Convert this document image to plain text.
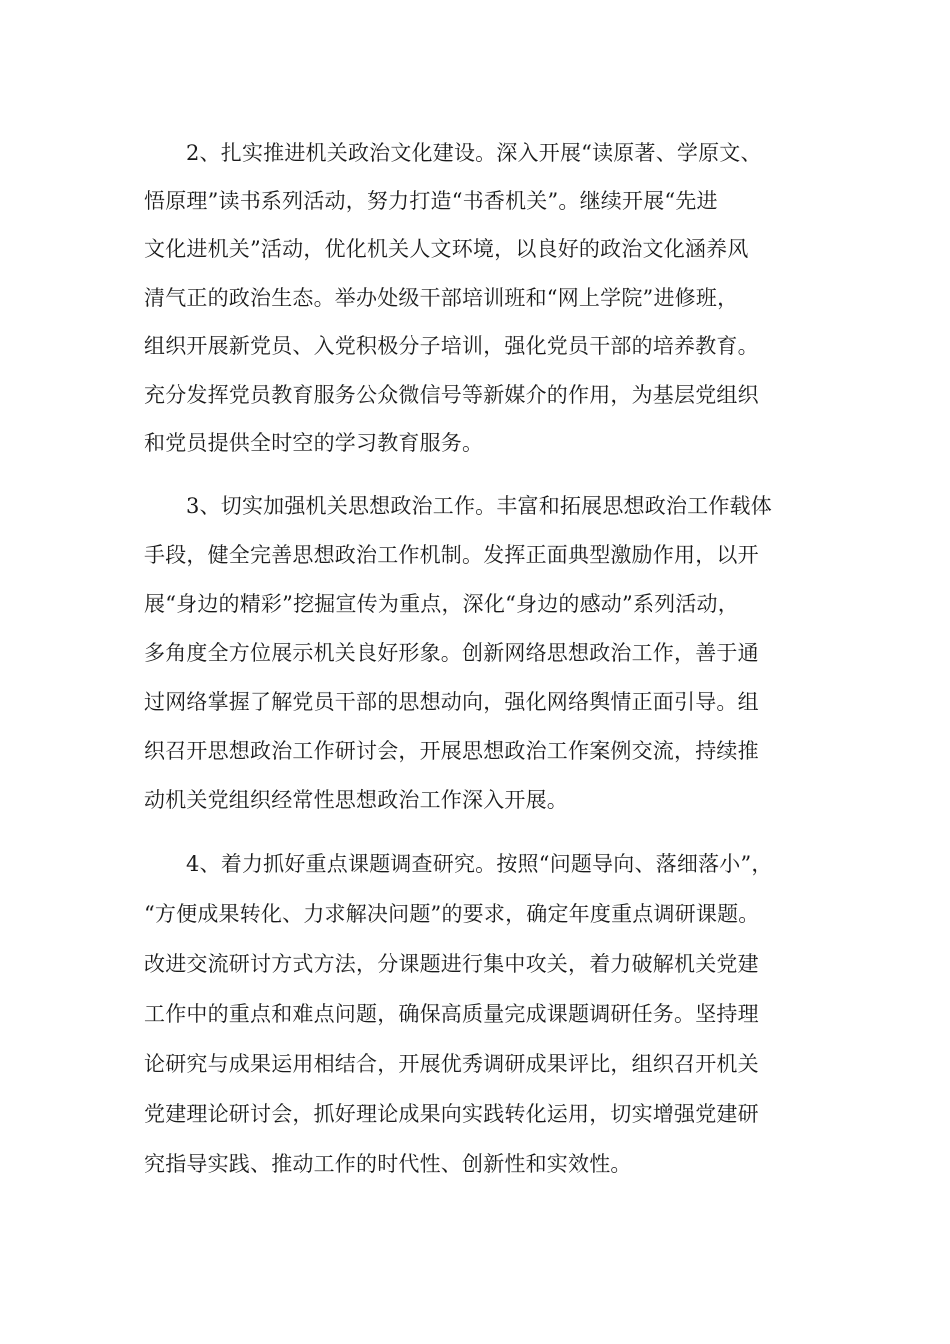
2、扎实推进机关政治文化建设。深入开展“读原著、学原文、
悟原理”读书系列活动，努力打造“书香机关”。继续开展“先进
文化进机关”活动，优化机关人文环境，以良好的政治文化涵养风
清气正的政治生态。举办处级干部培训班和“网上学院”进修班，
组织开展新党员、入党积极分子培训，强化党员干部的培养教育。
充分发挥党员教育服务公众微信号等新媒介的作用，为基层党组织
和党员提供全时空的学习教育服务。
3、切实加强机关思想政治工作。丰富和拓展思想政治工作载体
手段，健全完善思想政治工作机制。发挥正面典型激励作用，以开
展“身边的精彩”挖掘宣传为重点，深化“身边的感动”系列活动，
多角度全方位展示机关良好形象。创新网络思想政治工作，善于通
过网络掌握了解党员干部的思想动向，强化网络舆情正面引导。组
织召开思想政治工作研讨会，开展思想政治工作案例交流，持续推
动机关党组织经常性思想政治工作深入开展。
4、着力抓好重点课题调查研究。按照“问题导向、落细落小”，
“方便成果转化、力求解决问题”的要求，确定年度重点调研课题。
改进交流研讨方式方法，分课题进行集中攻关，着力破解机关党建
工作中的重点和难点问题，确保高质量完成课题调研任务。坚持理
论研究与成果运用相结合，开展优秀调研成果评比，组织召开机关
党建理论研讨会，抓好理论成果向实践转化运用，切实增强党建研
究指导实践、推动工作的时代性、创新性和实效性。
